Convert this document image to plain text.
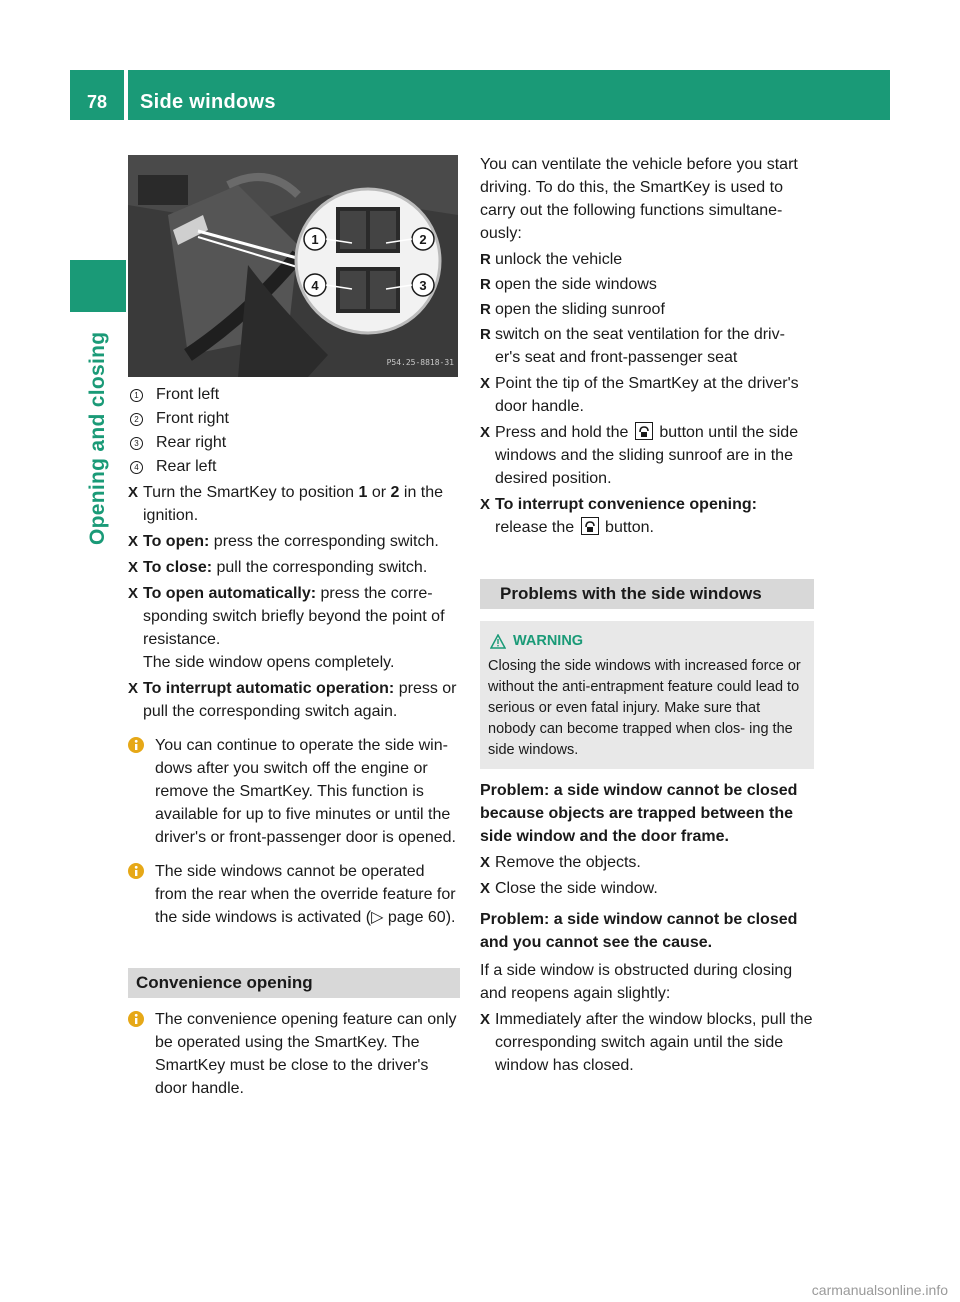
78	Side windows
Opening and closing
1	2
4	3
P54.25-8818-31
1 Front left
2 Front right
3 Rear right
4 Rear left
X Turn the SmartKey to position 1 or 2 in the ignition.
X To open: press the corresponding switch.
X To close: pull the corresponding switch.
X To open automatically: press the corre- sponding switch briefly beyond the point of resistance.
The side window opens completely.
X To interrupt automatic operation: press or pull the corresponding switch again.
You can continue to operate the side win- dows after you switch off the engine or remove the SmartKey. This function is available for up to five minutes or until the driver's or front-passenger door is opened.
The side windows cannot be operated from the rear when the override feature for the side windows is activated (▷ page 60).
Convenience opening
The convenience opening feature can only be operated using the SmartKey. The SmartKey must be close to the driver's door handle.
You can ventilate the vehicle before you start driving. To do this, the SmartKey is used to carry out the following functions simultane- ously:
R unlock the vehicle
R open the side windows
R open the sliding sunroof
R switch on the seat ventilation for the driv- er's seat and front-passenger seat
X Point the tip of the SmartKey at the driver's door handle.
X Press and hold the
button until the side windows and the sliding sunroof are in the desired position.
X To interrupt convenience opening:
release the
button.
Problems with the side windows
WARNING
Closing the side windows with increased force or without the anti-entrapment feature could lead to serious or even fatal injury. Make sure that nobody can become trapped when clos- ing the side windows.
Problem: a side window cannot be closed because objects are trapped between the side window and the door frame.
X Remove the objects.
X Close the side window.
Problem: a side window cannot be closed and you cannot see the cause.
If a side window is obstructed during closing and reopens again slightly:
X Immediately after the window blocks, pull the corresponding switch again until the side window has closed.
carmanualsonline.info
